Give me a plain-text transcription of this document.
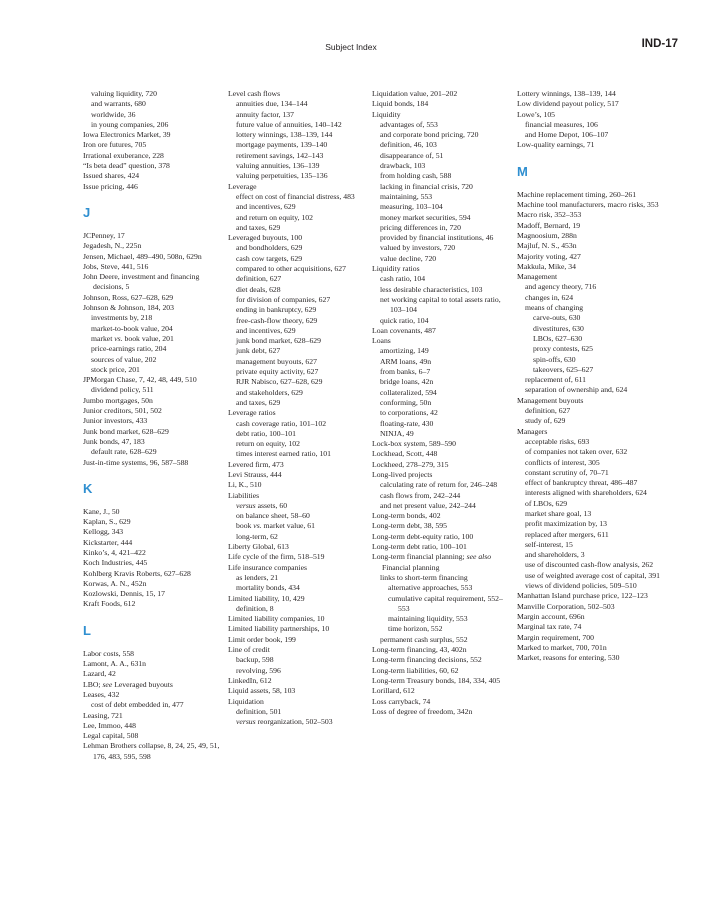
Subject Index	IND-17
valuing liquidity, 720
and warrants, 680
worldwide, 36
in young companies, 206
Iowa Electronics Market, 39
Iron ore futures, 705
Irrational exuberance, 228
“Is beta dead” question, 378
Issued shares, 424
Issue pricing, 446
J
JCPenney, 17
Jegadesh, N., 225n
Jensen, Michael, 489–490, 508n, 629n
Jobs, Steve, 441, 516
John Deere, investment and financing decisions, 5
Johnson, Ross, 627–628, 629
Johnson & Johnson, 184, 203
investments by, 218
market-to-book value, 204
market vs. book value, 201
price-earnings ratio, 204
sources of value, 202
stock price, 201
JPMorgan Chase, 7, 42, 48, 449, 510
dividend policy, 511
Jumbo mortgages, 50n
Junior creditors, 501, 502
Junior investors, 433
Junk bond market, 628–629
Junk bonds, 47, 183
default rate, 628–629
Just-in-time systems, 96, 587–588
K
Kane, J., 50
Kaplan, S., 629
Kellogg, 343
Kickstarter, 444
Kinko’s, 4, 421–422
Koch Industries, 445
Kohlberg Kravis Roberts, 627–628
Korwas, A. N., 452n
Kozlowski, Dennis, 15, 17
Kraft Foods, 612
L
Labor costs, 558
Lamont, A. A., 631n
Lazard, 42
LBO; see Leveraged buyouts
Leases, 432
cost of debt embedded in, 477
Leasing, 721
Lee, Immoo, 448
Legal capital, 508
Lehman Brothers collapse, 8, 24, 25, 49, 51, 176, 483, 595, 598
Level cash flows
annuities due, 134–144
annuity factor, 137
future value of annuities, 140–142
lottery winnings, 138–139, 144
mortgage payments, 139–140
retirement savings, 142–143
valuing annuities, 136–139
valuing perpetuities, 135–136
Leverage
effect on cost of financial distress, 483
and incentives, 629
and return on equity, 102
and taxes, 629
Leveraged buyouts, 100
and bondholders, 629
cash cow targets, 629
compared to other acquisitions, 627
definition, 627
diet deals, 628
for division of companies, 627
ending in bankruptcy, 629
free-cash-flow theory, 629
and incentives, 629
junk bond market, 628–629
junk debt, 627
management buyouts, 627
private equity activity, 627
RJR Nabisco, 627–628, 629
and stakeholders, 629
and taxes, 629
Leverage ratios
cash coverage ratio, 101–102
debt ratio, 100–101
return on equity, 102
times interest earned ratio, 101
Levered firm, 473
Levi Strauss, 444
Li, K., 510
Liabilities
versus assets, 60
on balance sheet, 58–60
book vs. market value, 61
long-term, 62
Liberty Global, 613
Life cycle of the firm, 518–519
Life insurance companies
as lenders, 21
mortality bonds, 434
Limited liability, 10, 429
definition, 8
Limited liability companies, 10
Limited liability partnerships, 10
Limit order book, 199
Line of credit
backup, 598
revolving, 596
LinkedIn, 612
Liquid assets, 58, 103
Liquidation
definition, 501
versus reorganization, 502–503
Liquidation value, 201–202
Liquid bonds, 184
Liquidity
advantages of, 553
and corporate bond pricing, 720
definition, 46, 103
disappearance of, 51
drawback, 103
from holding cash, 588
lacking in financial crisis, 720
maintaining, 553
measuring, 103–104
money market securities, 594
pricing differences in, 720
provided by financial institutions, 46
valued by investors, 720
value decline, 720
Liquidity ratios
cash ratio, 104
less desirable characteristics, 103
net working capital to total assets ratio, 103–104
quick ratio, 104
Loan covenants, 487
Loans
amortizing, 149
ARM loans, 49n
from banks, 6–7
bridge loans, 42n
collateralized, 594
conforming, 50n
to corporations, 42
floating-rate, 430
NINJA, 49
Lock-box system, 589–590
Lockhead, Scott, 448
Lockheed, 278–279, 315
Long-lived projects
calculating rate of return for, 246–248
cash flows from, 242–244
and net present value, 242–244
Long-term bonds, 402
Long-term debt, 38, 595
Long-term debt-equity ratio, 100
Long-term debt ratio, 100–101
Long-term financial planning; see also Financial planning
links to short-term financing
alternative approaches, 553
cumulative capital requirement, 552–553
maintaining liquidity, 553
time horizon, 552
permanent cash surplus, 552
Long-term financing, 43, 402n
Long-term financing decisions, 552
Long-term liabilities, 60, 62
Long-term Treasury bonds, 184, 334, 405
Lorillard, 612
Loss carryback, 74
Loss of degree of freedom, 342n
Lottery winnings, 138–139, 144
Low dividend payout policy, 517
Lowe’s, 105
financial measures, 106
and Home Depot, 106–107
Low-quality earnings, 71
M
Machine replacement timing, 260–261
Machine tool manufacturers, macro risks, 353
Macro risk, 352–353
Madoff, Bernard, 19
Magnoosium, 288n
Majluf, N. S., 453n
Majority voting, 427
Makkula, Mike, 34
Management
and agency theory, 716
changes in, 624
means of changing
carve-outs, 630
divestitures, 630
LBOs, 627–630
proxy contests, 625
spin-offs, 630
takeovers, 625–627
replacement of, 611
separation of ownership and, 624
Management buyouts
definition, 627
study of, 629
Managers
acceptable risks, 693
of companies not taken over, 632
conflicts of interest, 305
constant scrutiny of, 70–71
effect of bankruptcy threat, 486–487
interests aligned with shareholders, 624
of LBOs, 629
market share goal, 13
profit maximization by, 13
replaced after mergers, 611
self-interest, 15
and shareholders, 3
use of discounted cash-flow analysis, 262
use of weighted average cost of capital, 391
views of dividend policies, 509–510
Manhattan Island purchase price, 122–123
Manville Corporation, 502–503
Margin account, 696n
Marginal tax rate, 74
Margin requirement, 700
Marked to market, 700, 701n
Market, reasons for entering, 530
